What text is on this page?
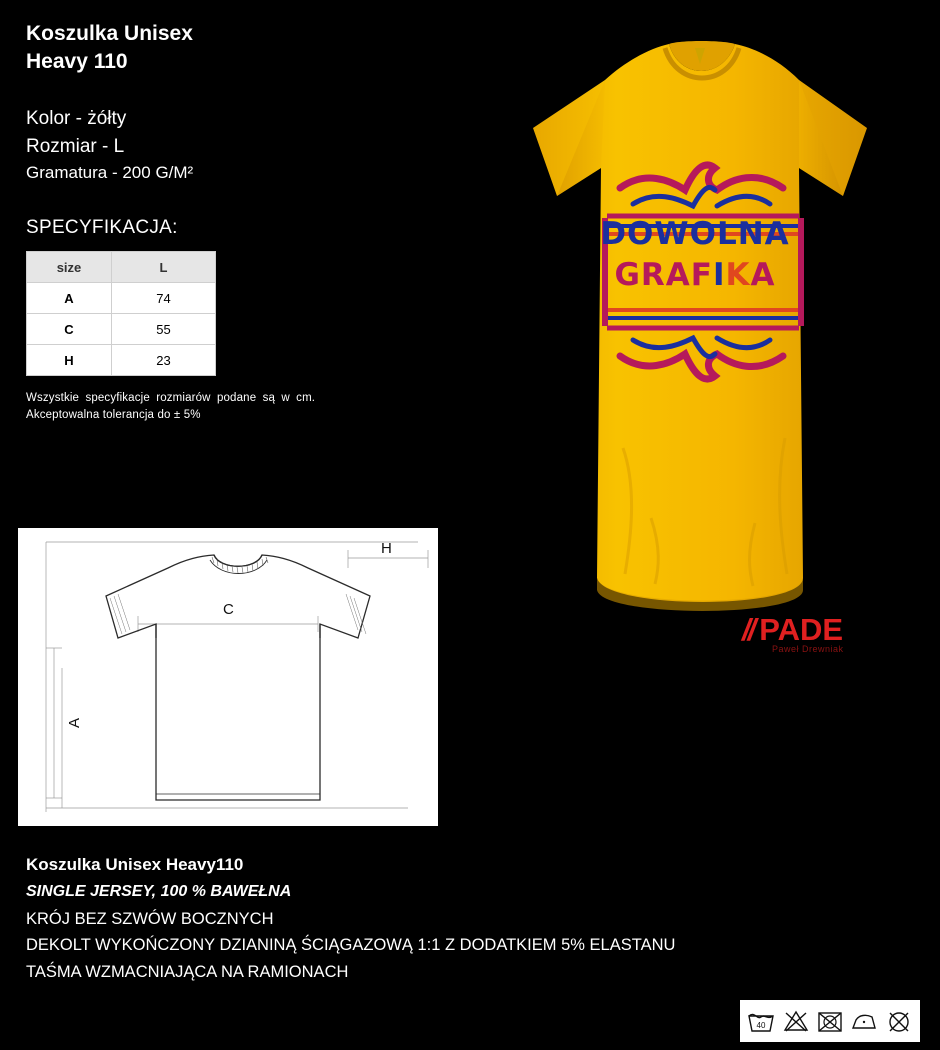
Koszulka Unisex
Heavy 110
Kolor - żółty
Rozmiar - L
Gramatura - 200 G/M²
SPECYFIKACJA:
size	L
A	74
C	55
H	23
Wszystkie specyfikacje rozmiarów podane są w cm.
Akceptowalna tolerancja do ± 5%
A
C
H
Koszulka Unisex Heavy110
SINGLE JERSEY, 100 % BAWEŁNA
KRÓJ BEZ SZWÓW BOCZNYCH
DEKOLT WYKOŃCZONY DZIANINĄ ŚCIĄGAZOWĄ 1:1 Z DODATKIEM 5% ELASTANU
TAŚMA WZMACNIAJĄCA NA RAMIONACH
DOWOLNA
GRAFIKA
// PADE
Paweł Drewniak
40
